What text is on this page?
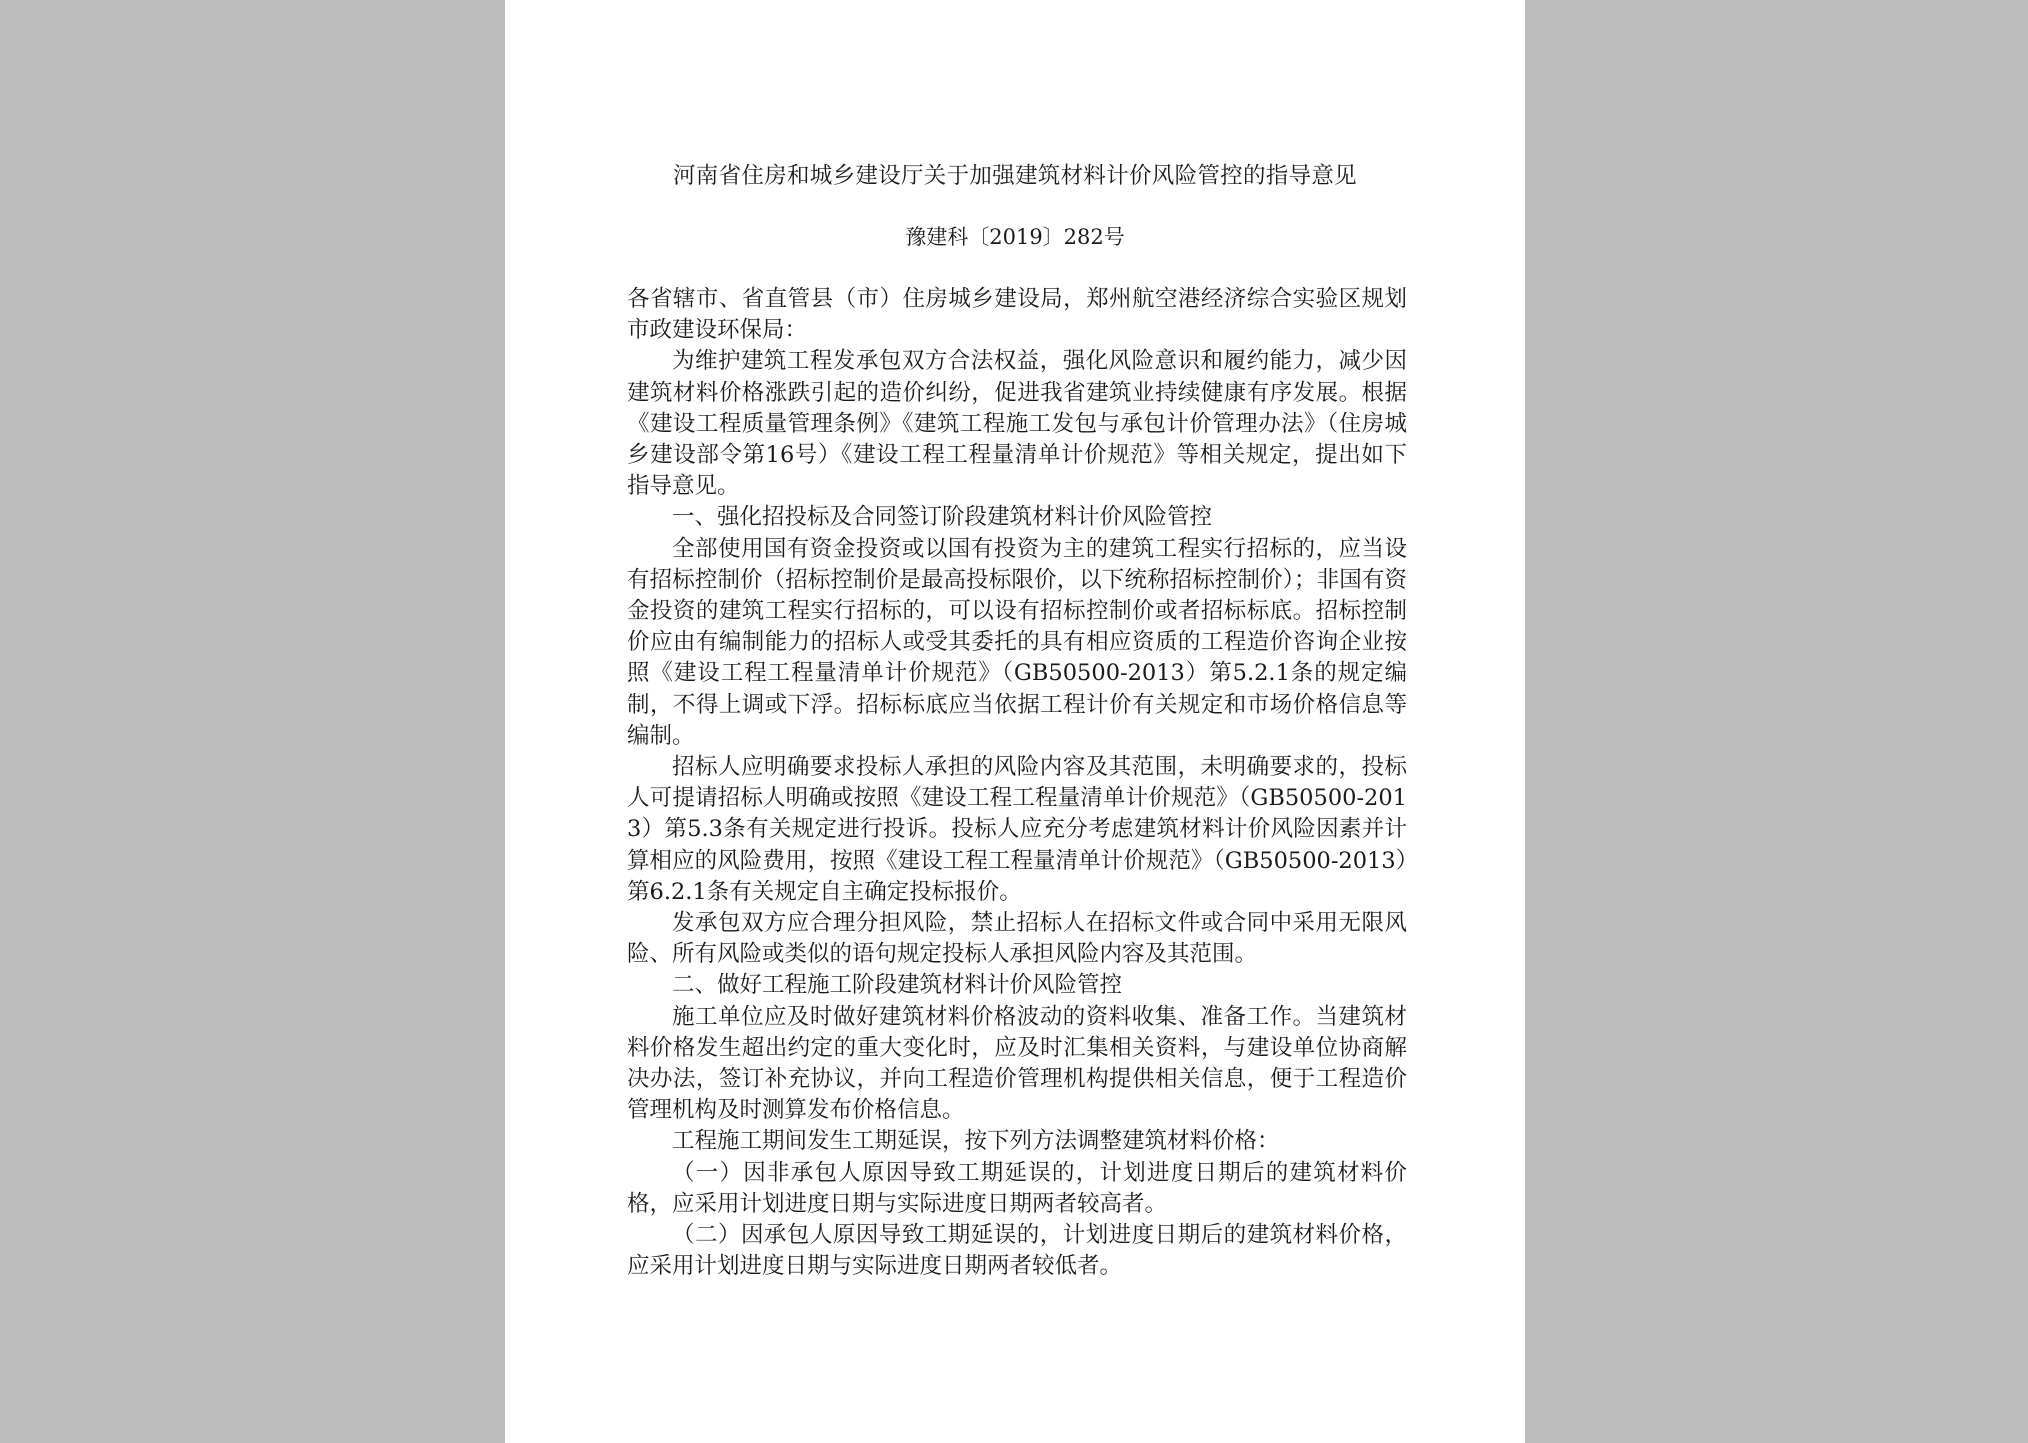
河南省住房和城乡建设厅关于加强建筑材料计价风险管控的指导意见
豫建科〔2019〕282号

各省辖市、省直管县（市）住房城乡建设局，郑州航空港经济综合实验区规划市政建设环保局：

为维护建筑工程发承包双方合法权益，强化风险意识和履约能力，减少因建筑材料价格涨跌引起的造价纠纷，促进我省建筑业持续健康有序发展。根据《建设工程质量管理条例》《建筑工程施工发包与承包计价管理办法》（住房城乡建设部令第16号）《建设工程工程量清单计价规范》等相关规定，提出如下指导意见。

一、强化招投标及合同签订阶段建筑材料计价风险管控

全部使用国有资金投资或以国有投资为主的建筑工程实行招标的，应当设有招标控制价（招标控制价是最高投标限价，以下统称招标控制价）；非国有资金投资的建筑工程实行招标的，可以设有招标控制价或者招标标底。招标控制价应由有编制能力的招标人或受其委托的具有相应资质的工程造价咨询企业按照《建设工程工程量清单计价规范》（GB50500-2013）第5.2.1条的规定编制，不得上调或下浮。招标标底应当依据工程计价有关规定和市场价格信息等编制。

招标人应明确要求投标人承担的风险内容及其范围，未明确要求的，投标人可提请招标人明确或按照《建设工程工程量清单计价规范》（GB50500-2013）第5.3条有关规定进行投诉。投标人应充分考虑建筑材料计价风险因素并计算相应的风险费用，按照《建设工程工程量清单计价规范》（GB50500-2013）第6.2.1条有关规定自主确定投标报价。

发承包双方应合理分担风险，禁止招标人在招标文件或合同中采用无限风险、所有风险或类似的语句规定投标人承担风险内容及其范围。

二、做好工程施工阶段建筑材料计价风险管控

施工单位应及时做好建筑材料价格波动的资料收集、准备工作。当建筑材料价格发生超出约定的重大变化时，应及时汇集相关资料，与建设单位协商解决办法，签订补充协议，并向工程造价管理机构提供相关信息，便于工程造价管理机构及时测算发布价格信息。

工程施工期间发生工期延误，按下列方法调整建筑材料价格：

（一）因非承包人原因导致工期延误的，计划进度日期后的建筑材料价格，应采用计划进度日期与实际进度日期两者较高者。

（二）因承包人原因导致工期延误的，计划进度日期后的建筑材料价格，应采用计划进度日期与实际进度日期两者较低者。
